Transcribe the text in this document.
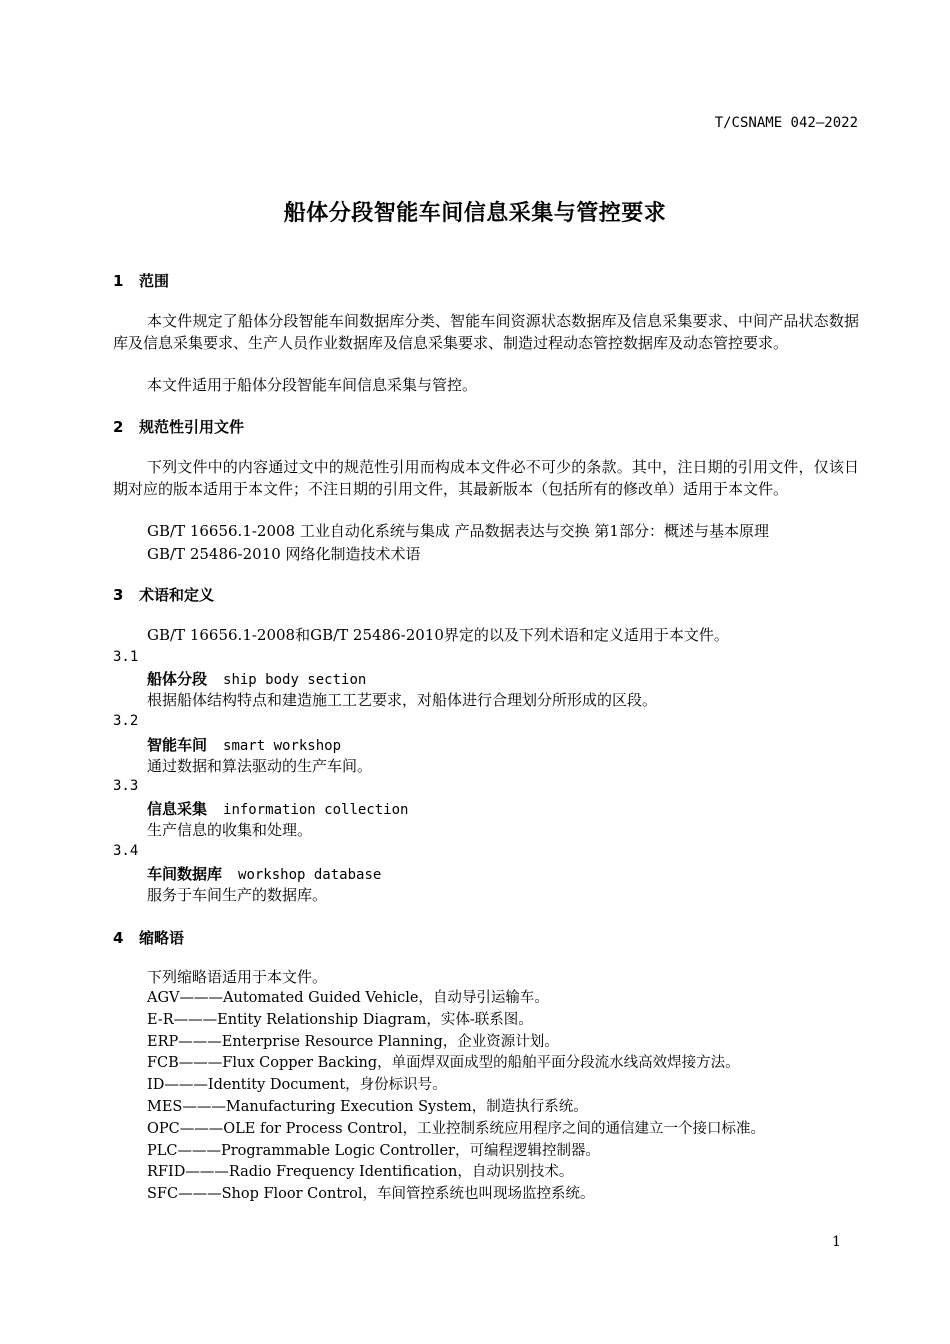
T/CSNAME 042—2022
船体分段智能车间信息采集与管控要求
1 范围
本文件规定了船体分段智能车间数据库分类、智能车间资源状态数据库及信息采集要求、中间产品状态数据库及信息采集要求、生产人员作业数据库及信息采集要求、制造过程动态管控数据库及动态管控要求。
本文件适用于船体分段智能车间信息采集与管控。
2 规范性引用文件
下列文件中的内容通过文中的规范性引用而构成本文件必不可少的条款。其中，注日期的引用文件，仅该日期对应的版本适用于本文件；不注日期的引用文件，其最新版本（包括所有的修改单）适用于本文件。
GB/T 16656.1-2008 工业自动化系统与集成 产品数据表达与交换 第1部分：概述与基本原理
GB/T 25486-2010 网络化制造技术术语
3 术语和定义
GB/T 16656.1-2008和GB/T 25486-2010界定的以及下列术语和定义适用于本文件。
3.1
船体分段 ship body section
根据船体结构特点和建造施工工艺要求，对船体进行合理划分所形成的区段。
3.2
智能车间 smart workshop
通过数据和算法驱动的生产车间。
3.3
信息采集 information collection
生产信息的收集和处理。
3.4
车间数据库 workshop database
服务于车间生产的数据库。
4 缩略语
下列缩略语适用于本文件。
AGV———Automated Guided Vehicle，自动导引运输车。
E-R———Entity Relationship Diagram，实体-联系图。
ERP———Enterprise Resource Planning，企业资源计划。
FCB———Flux Copper Backing，单面焊双面成型的船舶平面分段流水线高效焊接方法。
ID———Identity Document，身份标识号。
MES———Manufacturing Execution System，制造执行系统。
OPC———OLE for Process Control，工业控制系统应用程序之间的通信建立一个接口标准。
PLC———Programmable Logic Controller，可编程逻辑控制器。
RFID———Radio Frequency Identification，自动识别技术。
SFC———Shop Floor Control，车间管控系统也叫现场监控系统。
1
